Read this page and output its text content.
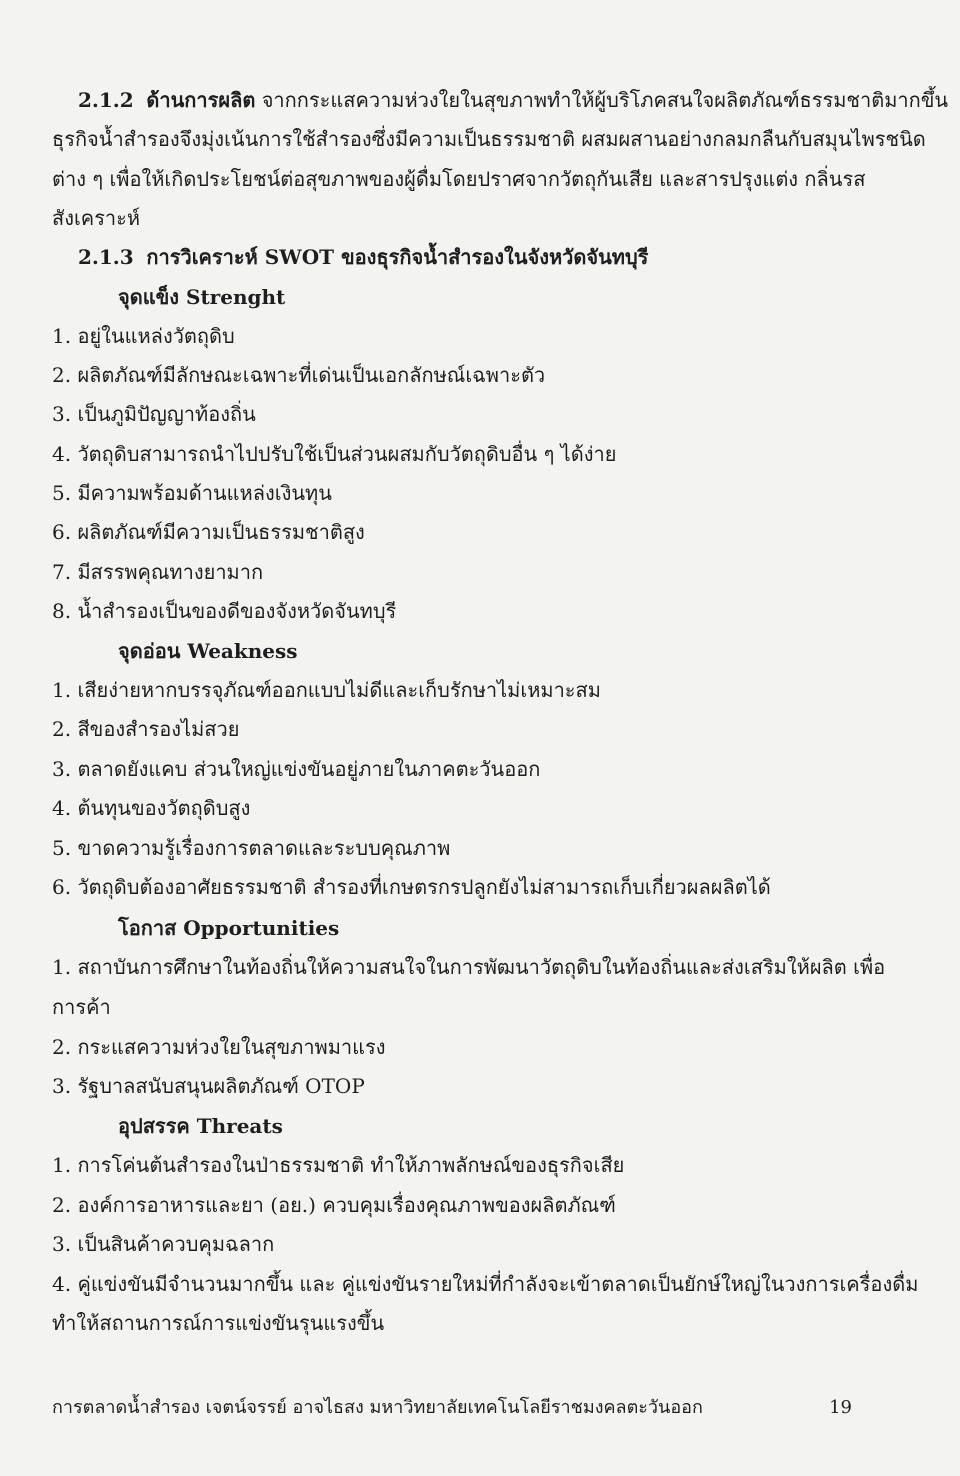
2.1.2 ด้านการผลิต จากกระแสความห่วงใยในสุขภาพทำให้ผู้บริโภคสนใจผลิตภัณฑ์ธรรมชาติมากขึ้น
ธุรกิจน้ำสำรองจึงมุ่งเน้นการใช้สำรองซึ่งมีความเป็นธรรมชาติ ผสมผสานอย่างกลมกลืนกับสมุนไพรชนิด
ต่าง ๆ เพื่อให้เกิดประโยชน์ต่อสุขภาพของผู้ดื่มโดยปราศจากวัตถุกันเสีย และสารปรุงแต่ง กลิ่นรส
สังเคราะห์
2.1.3 การวิเคราะห์ SWOT ของธุรกิจน้ำสำรองในจังหวัดจันทบุรี
จุดแข็ง Strenght
1. อยู่ในแหล่งวัตถุดิบ
2. ผลิตภัณฑ์มีลักษณะเฉพาะที่เด่นเป็นเอกลักษณ์เฉพาะตัว
3. เป็นภูมิปัญญาท้องถิ่น
4. วัตถุดิบสามารถนำไปปรับใช้เป็นส่วนผสมกับวัตถุดิบอื่น ๆ ได้ง่าย
5. มีความพร้อมด้านแหล่งเงินทุน
6. ผลิตภัณฑ์มีความเป็นธรรมชาติสูง
7. มีสรรพคุณทางยามาก
8. น้ำสำรองเป็นของดีของจังหวัดจันทบุรี
จุดอ่อน Weakness
1. เสียง่ายหากบรรจุภัณฑ์ออกแบบไม่ดีและเก็บรักษาไม่เหมาะสม
2. สีของสำรองไม่สวย
3. ตลาดยังแคบ ส่วนใหญ่แข่งขันอยู่ภายในภาคตะวันออก
4. ต้นทุนของวัตถุดิบสูง
5. ขาดความรู้เรื่องการตลาดและระบบคุณภาพ
6. วัตถุดิบต้องอาศัยธรรมชาติ สำรองที่เกษตรกรปลูกยังไม่สามารถเก็บเกี่ยวผลผลิตได้
โอกาส Opportunities
1. สถาบันการศึกษาในท้องถิ่นให้ความสนใจในการพัฒนาวัตถุดิบในท้องถิ่นและส่งเสริมให้ผลิต เพื่อ
การค้า
2. กระแสความห่วงใยในสุขภาพมาแรง
3. รัฐบาลสนับสนุนผลิตภัณฑ์ OTOP
อุปสรรค Threats
1. การโค่นต้นสำรองในป่าธรรมชาติ ทำให้ภาพลักษณ์ของธุรกิจเสีย
2. องค์การอาหารและยา (อย.) ควบคุมเรื่องคุณภาพของผลิตภัณฑ์
3. เป็นสินค้าควบคุมฉลาก
4. คู่แข่งขันมีจำนวนมากขึ้น และ คู่แข่งขันรายใหม่ที่กำลังจะเข้าตลาดเป็นยักษ์ใหญ่ในวงการเครื่องดื่ม
ทำให้สถานการณ์การแข่งขันรุนแรงขึ้น
การตลาดน้ำสำรอง เจตน์จรรย์ อาจไธสง มหาวิทยาลัยเทคโนโลยีราชมงคลตะวันออก	19
